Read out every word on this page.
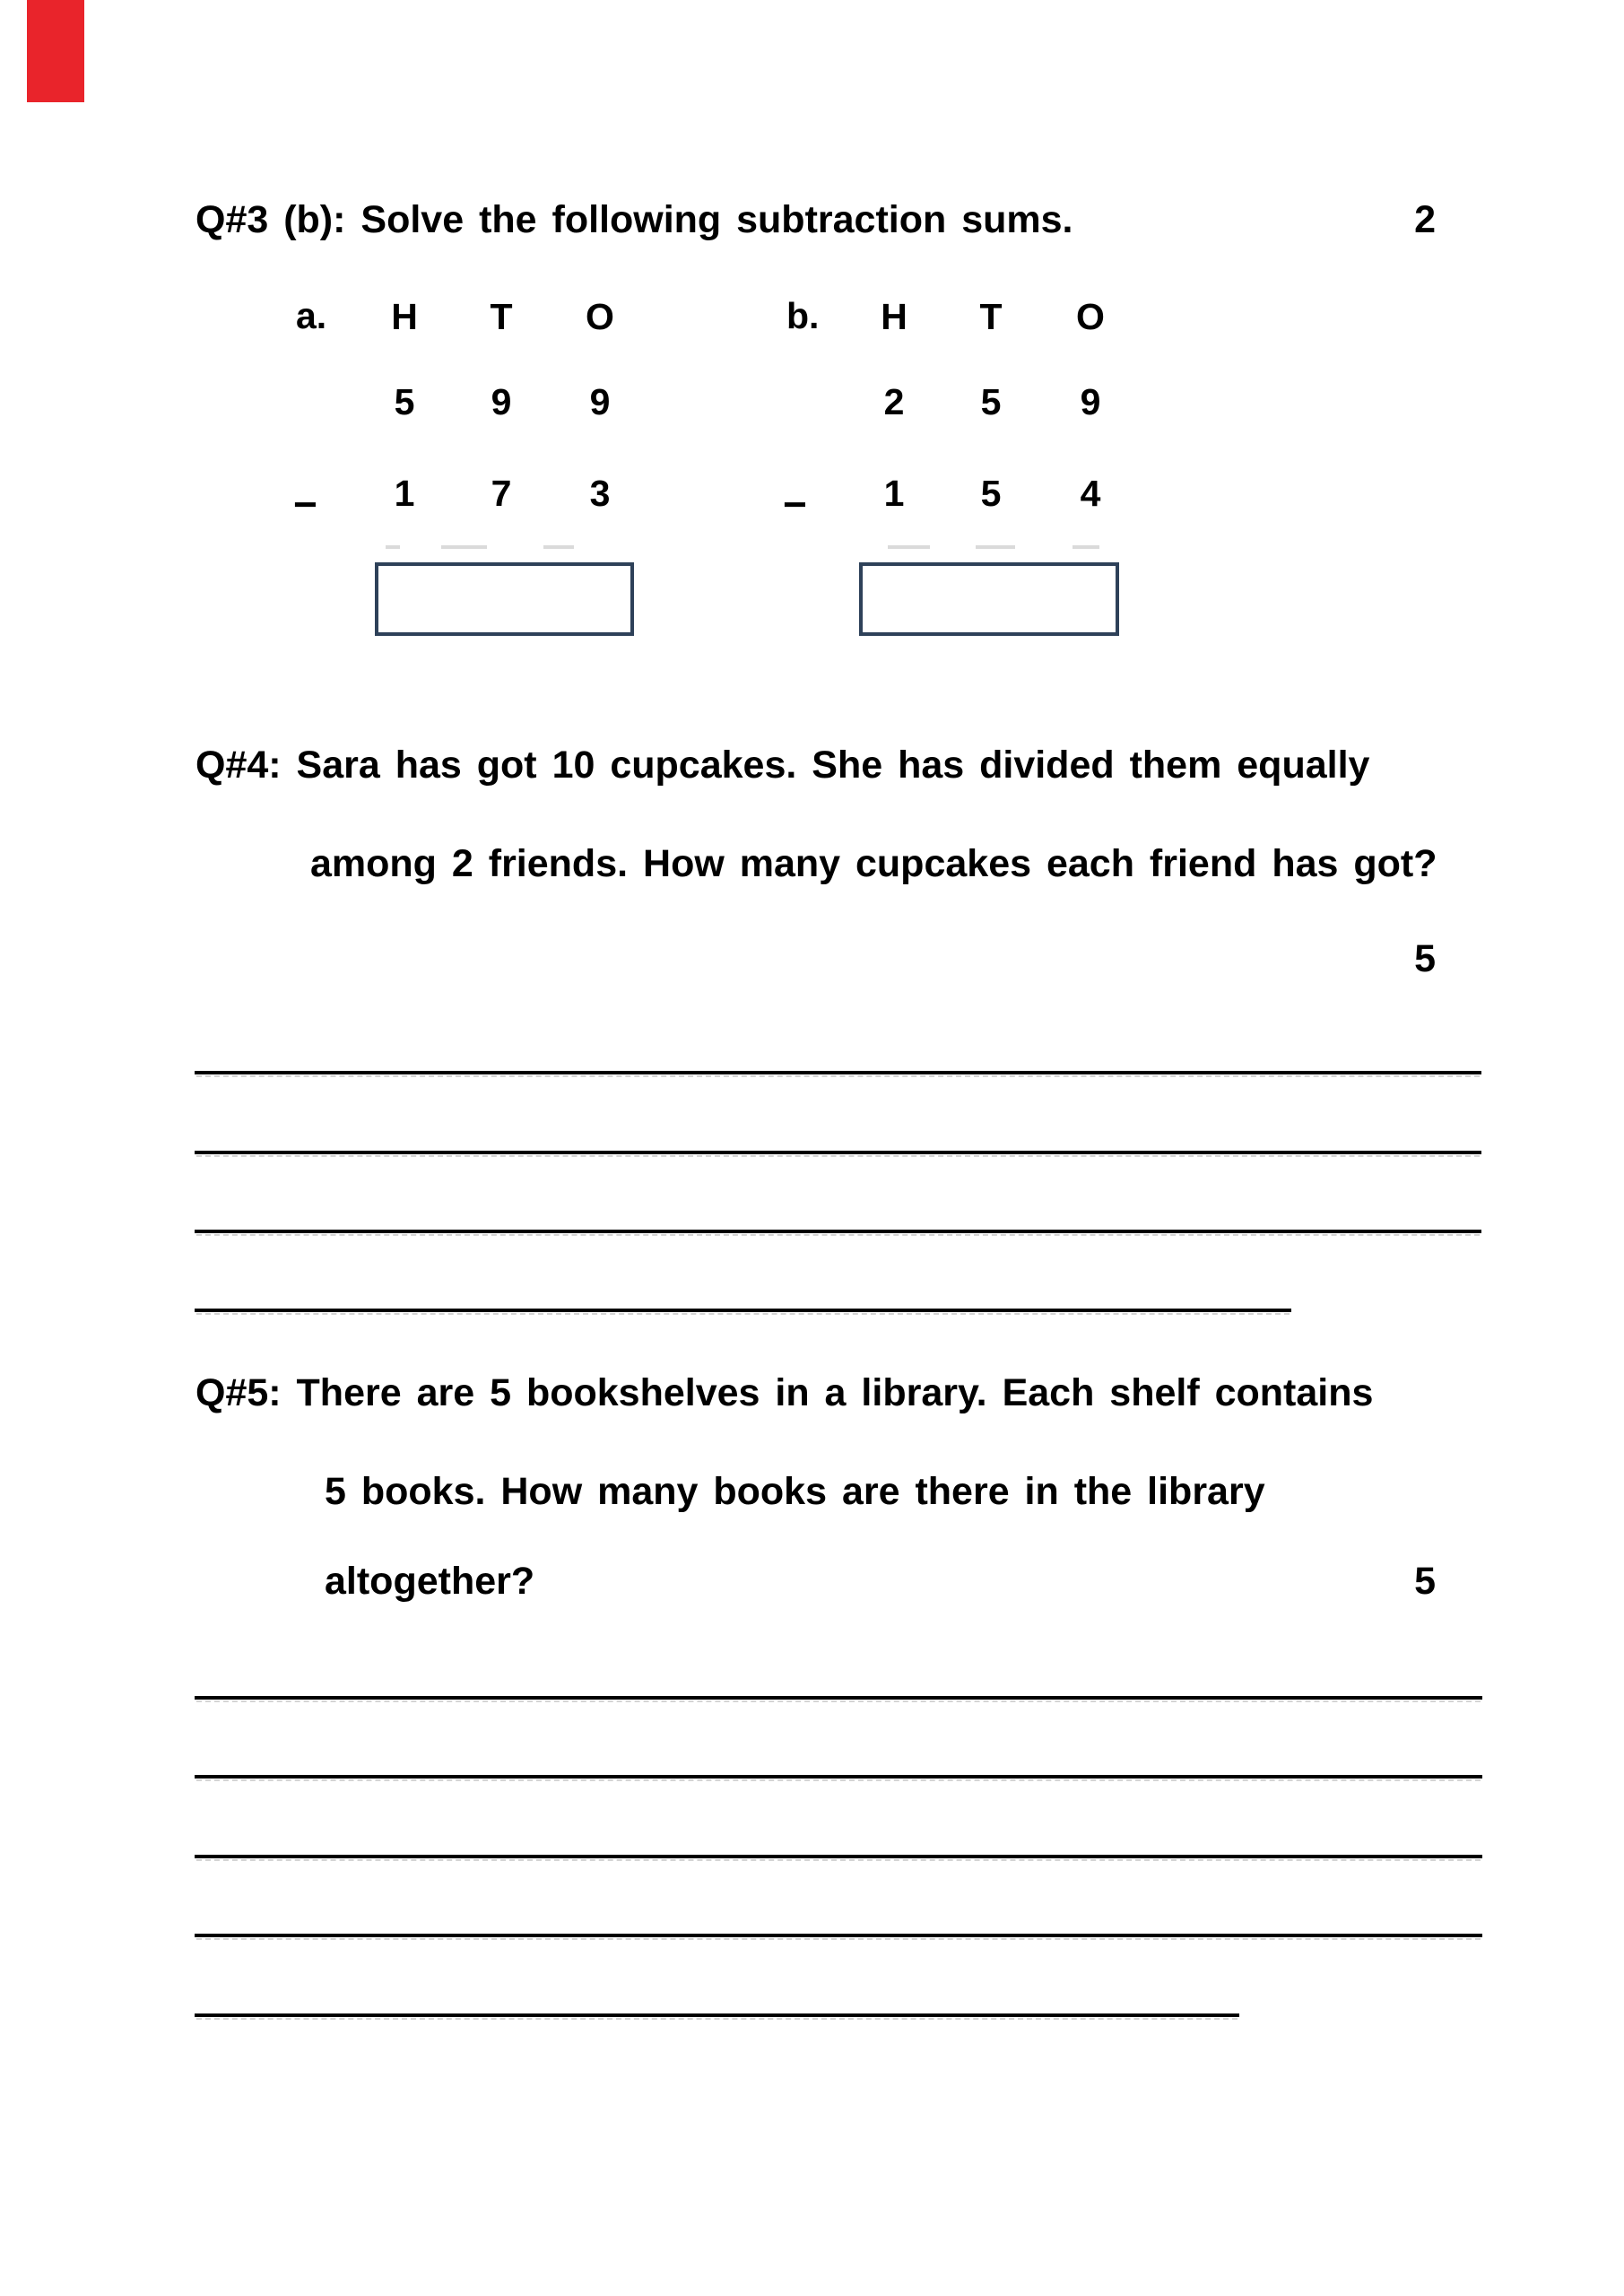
Q#3 (b): Solve the following subtraction sums.	2
a. H T O
5 9 9
− 1 7 3
b. H T O
2 5 9
− 1 5 4
Q#4: Sara has got 10 cupcakes. She has divided them equally
among 2 friends. How many cupcakes each friend has got?
5
Q#5: There are 5 bookshelves in a library. Each shelf contains
5 books. How many books are there in the library
altogether?	5
